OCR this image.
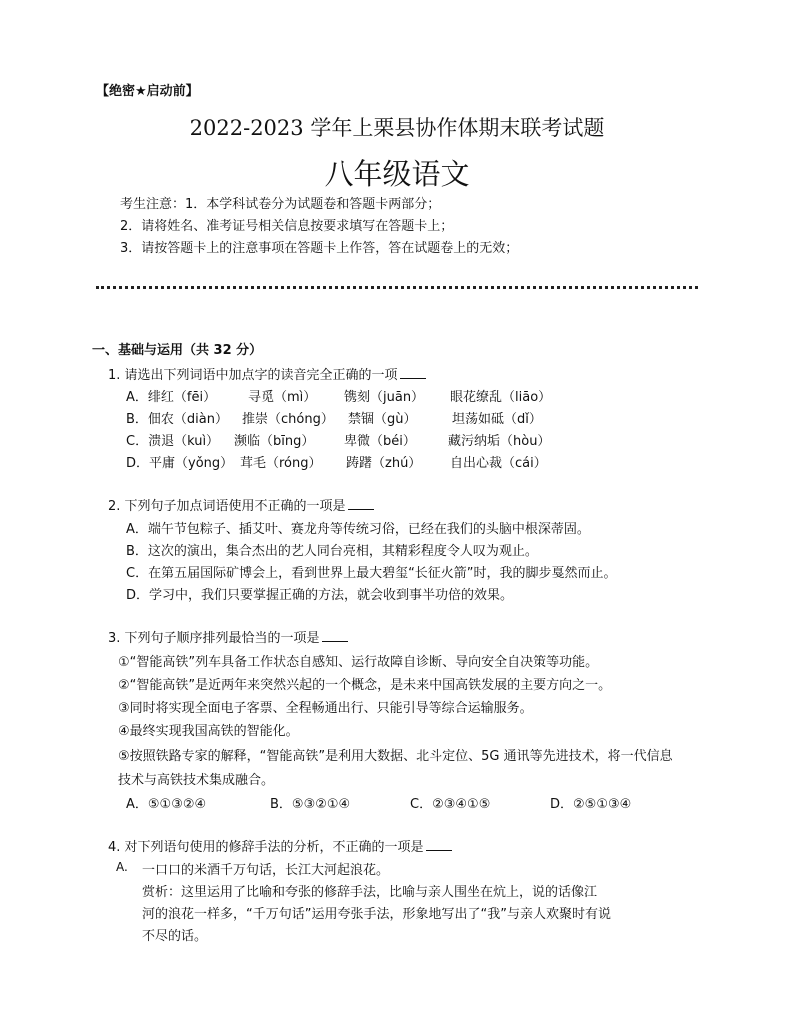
【绝密★启动前】
2022-2023 学年上栗县协作体期末联考试题
八年级语文
考生注意：1．本学科试卷分为试题卷和答题卡两部分；
2．请将姓名、准考证号相关信息按要求填写在答题卡上；
3．请按答题卡上的注意事项在答题卡上作答，答在试题卷上的无效；
一、基础与运用（共 32 分）
1. 请选出下列词语中加点字的读音完全正确的一项
A．绯红（fēi） 寻觅（mì） 镌刻（juān） 眼花缭乱（liāo）
B．佃农（diàn） 推崇（chóng） 禁锢（gù）	坦荡如砥（dǐ）
C．溃退（kuì） 濒临（bīng） 卑微（béi） 藏污纳垢（hòu）
D．平庸（yǒng） 茸毛（róng） 踌躇（zhú） 自出心裁（cái）
2. 下列句子加点词语使用不正确的一项是
A．端午节包粽子、插艾叶、赛龙舟等传统习俗，已经在我们的头脑中根深蒂固。
B．这次的演出，集合杰出的艺人同台亮相，其精彩程度令人叹为观止。
C．在第五届国际矿博会上，看到世界上最大碧玺“长征火箭”时，我的脚步戛然而止。
D．学习中，我们只要掌握正确的方法，就会收到事半功倍的效果。
3. 下列句子顺序排列最恰当的一项是
①“智能高铁”列车具备工作状态自感知、运行故障自诊断、导向安全自决策等功能。
②“智能高铁”是近两年来突然兴起的一个概念，是未来中国高铁发展的主要方向之一。
③同时将实现全面电子客票、全程畅通出行、只能引导等综合运输服务。
④最终实现我国高铁的智能化。
⑤按照铁路专家的解释，“智能高铁”是利用大数据、北斗定位、5G 通讯等先进技术，将一代信息
技术与高铁技术集成融合。
A．⑤①③②④	B．⑤③②①④	C．②③④①⑤	D．②⑤①③④
4. 对下列语句使用的修辞手法的分析，不正确的一项是
A. 一口口的米酒千万句话，长江大河起浪花。
赏析：这里运用了比喻和夸张的修辞手法，比喻与亲人围坐在炕上，说的话像江
河的浪花一样多，“千万句话”运用夸张手法，形象地写出了“我”与亲人欢聚时有说
不尽的话。
